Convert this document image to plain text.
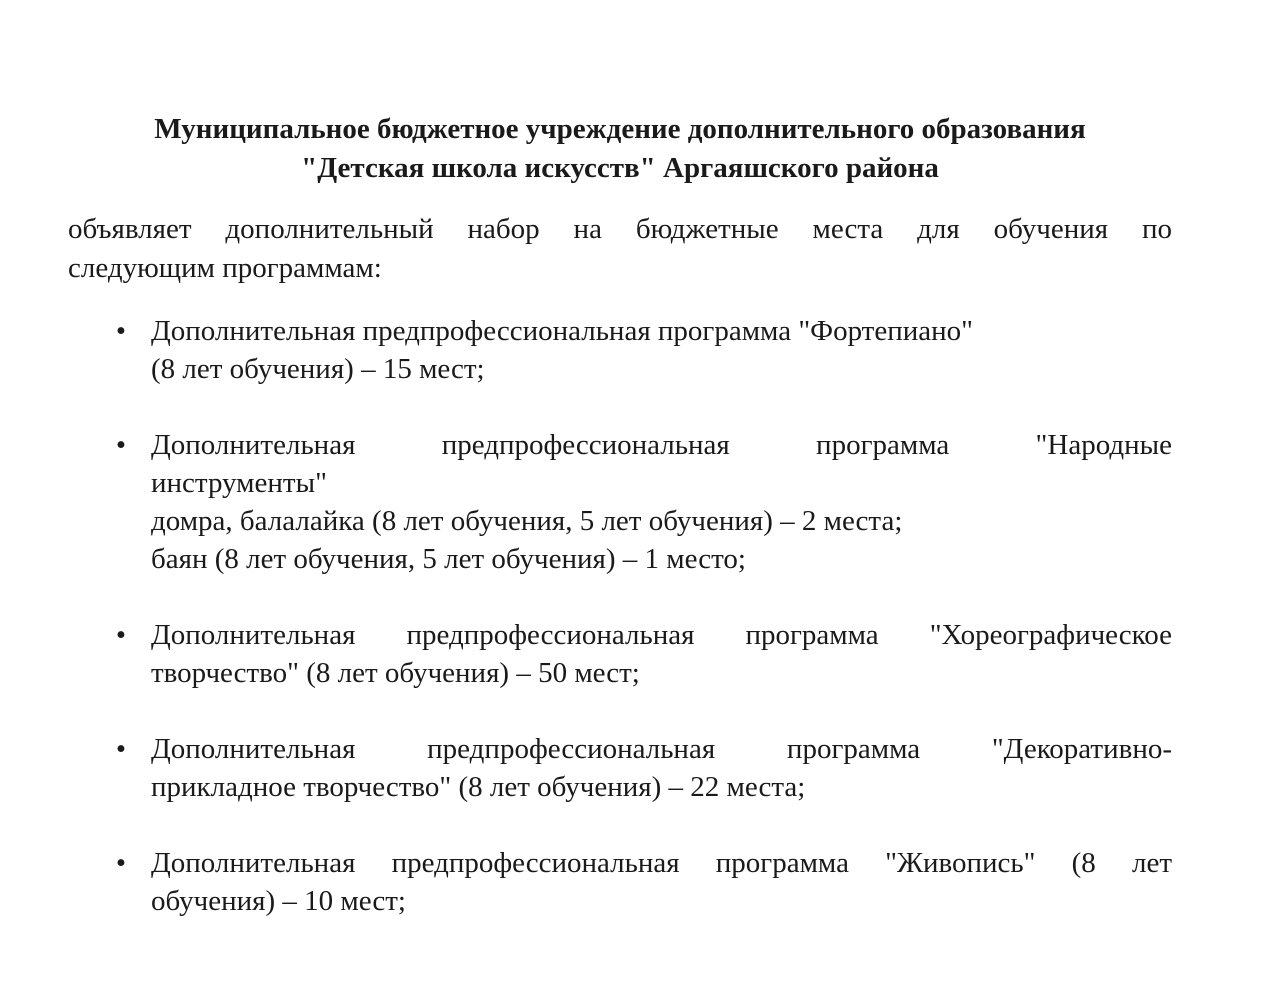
Муниципальное бюджетное учреждение дополнительного образования
"Детская школа искусств" Аргаяшского района
объявляет дополнительный набор на бюджетные места для обучения по
следующим программам:
• Дополнительная предпрофессиональная программа "Фортепиано"
(8 лет обучения) – 15 мест;
• Дополнительная предпрофессиональная программа "Народные
инструменты"
домра, балалайка (8 лет обучения, 5 лет обучения) – 2 места;
баян (8 лет обучения, 5 лет обучения) – 1 место;
• Дополнительная предпрофессиональная программа "Хореографическое
творчество" (8 лет обучения) – 50 мест;
• Дополнительная предпрофессиональная программа "Декоративно-
прикладное творчество" (8 лет обучения) – 22 места;
• Дополнительная предпрофессиональная программа "Живопись" (8 лет
обучения) – 10 мест;
